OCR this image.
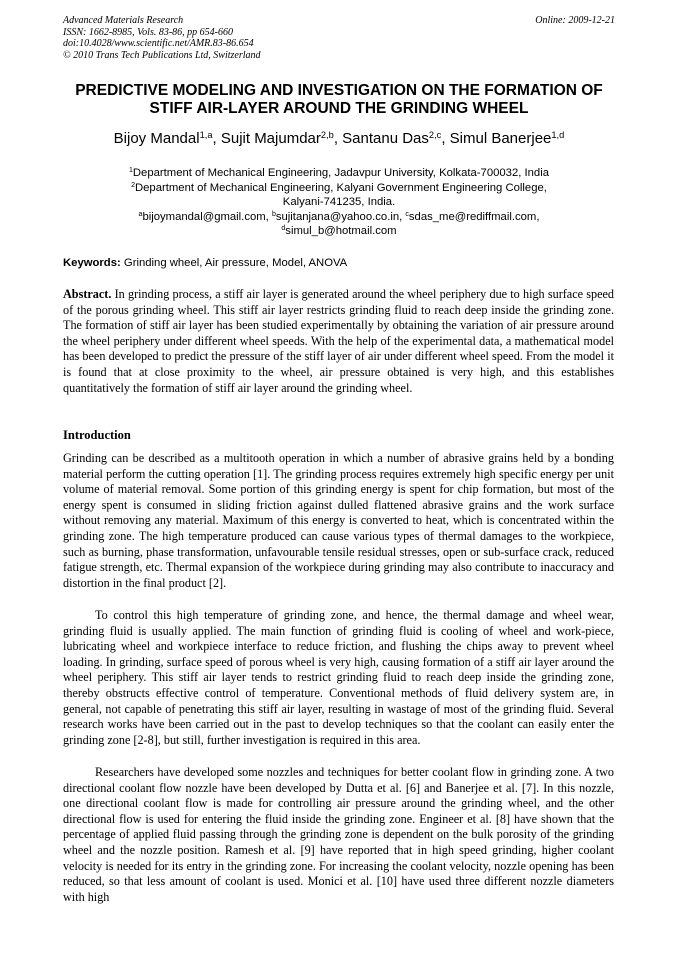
Advanced Materials Research
ISSN: 1662-8985, Vols. 83-86, pp 654-660
doi:10.4028/www.scientific.net/AMR.83-86.654
© 2010 Trans Tech Publications Ltd, Switzerland
Online: 2009-12-21
PREDICTIVE MODELING AND INVESTIGATION ON THE FORMATION OF
STIFF AIR-LAYER AROUND THE GRINDING WHEEL
Bijoy Mandal$^{1,a}$, Sujit Majumdar$^{2,b}$, Santanu Das$^{2,c}$, Simul Banerjee$^{1,d}$
$^1$Department of Mechanical Engineering, Jadavpur University, Kolkata-700032, India
$^2$Department of Mechanical Engineering, Kalyani Government Engineering College,
Kalyani-741235, India.
$^a$bijoymandal@gmail.com, $^b$sujitanjana@yahoo.co.in, $^c$sdas_me@rediffmail.com,
$^d$simul_b@hotmail.com
Keywords: Grinding wheel, Air pressure, Model, ANOVA
Abstract. In grinding process, a stiff air layer is generated around the wheel periphery due to high surface speed of the porous grinding wheel. This stiff air layer restricts grinding fluid to reach deep inside the grinding zone. The formation of stiff air layer has been studied experimentally by obtaining the variation of air pressure around the wheel periphery under different wheel speeds. With the help of the experimental data, a mathematical model has been developed to predict the pressure of the stiff layer of air under different wheel speed. From the model it is found that at close proximity to the wheel, air pressure obtained is very high, and this establishes quantitatively the formation of stiff air layer around the grinding wheel.
Introduction
Grinding can be described as a multitooth operation in which a number of abrasive grains held by a bonding material perform the cutting operation [1]. The grinding process requires extremely high specific energy per unit volume of material removal. Some portion of this grinding energy is spent for chip formation, but most of the energy spent is consumed in sliding friction against dulled flattened abrasive grains and the work surface without removing any material. Maximum of this energy is converted to heat, which is concentrated within the grinding zone. The high temperature produced can cause various types of thermal damages to the workpiece, such as burning, phase transformation, unfavourable tensile residual stresses, open or sub-surface crack, reduced fatigue strength, etc. Thermal expansion of the workpiece during grinding may also contribute to inaccuracy and distortion in the final product [2].
To control this high temperature of grinding zone, and hence, the thermal damage and wheel wear, grinding fluid is usually applied. The main function of grinding fluid is cooling of wheel and work-piece, lubricating wheel and workpiece interface to reduce friction, and flushing the chips away to prevent wheel loading. In grinding, surface speed of porous wheel is very high, causing formation of a stiff air layer around the wheel periphery. This stiff air layer tends to restrict grinding fluid to reach deep inside the grinding zone, thereby obstructs effective control of temperature. Conventional methods of fluid delivery system are, in general, not capable of penetrating this stiff air layer, resulting in wastage of most of the grinding fluid. Several research works have been carried out in the past to develop techniques so that the coolant can easily enter the grinding zone [2-8], but still, further investigation is required in this area.
Researchers have developed some nozzles and techniques for better coolant flow in grinding zone. A two directional coolant flow nozzle have been developed by Dutta et al. [6] and Banerjee et al. [7]. In this nozzle, one directional coolant flow is made for controlling air pressure around the grinding wheel, and the other directional flow is used for entering the fluid inside the grinding zone. Engineer et al. [8] have shown that the percentage of applied fluid passing through the grinding zone is dependent on the bulk porosity of the grinding wheel and the nozzle position. Ramesh et al. [9] have reported that in high speed grinding, higher coolant velocity is needed for its entry in the grinding zone. For increasing the coolant velocity, nozzle opening has been reduced, so that less amount of coolant is used. Monici et al. [10] have used three different nozzle diameters with high
